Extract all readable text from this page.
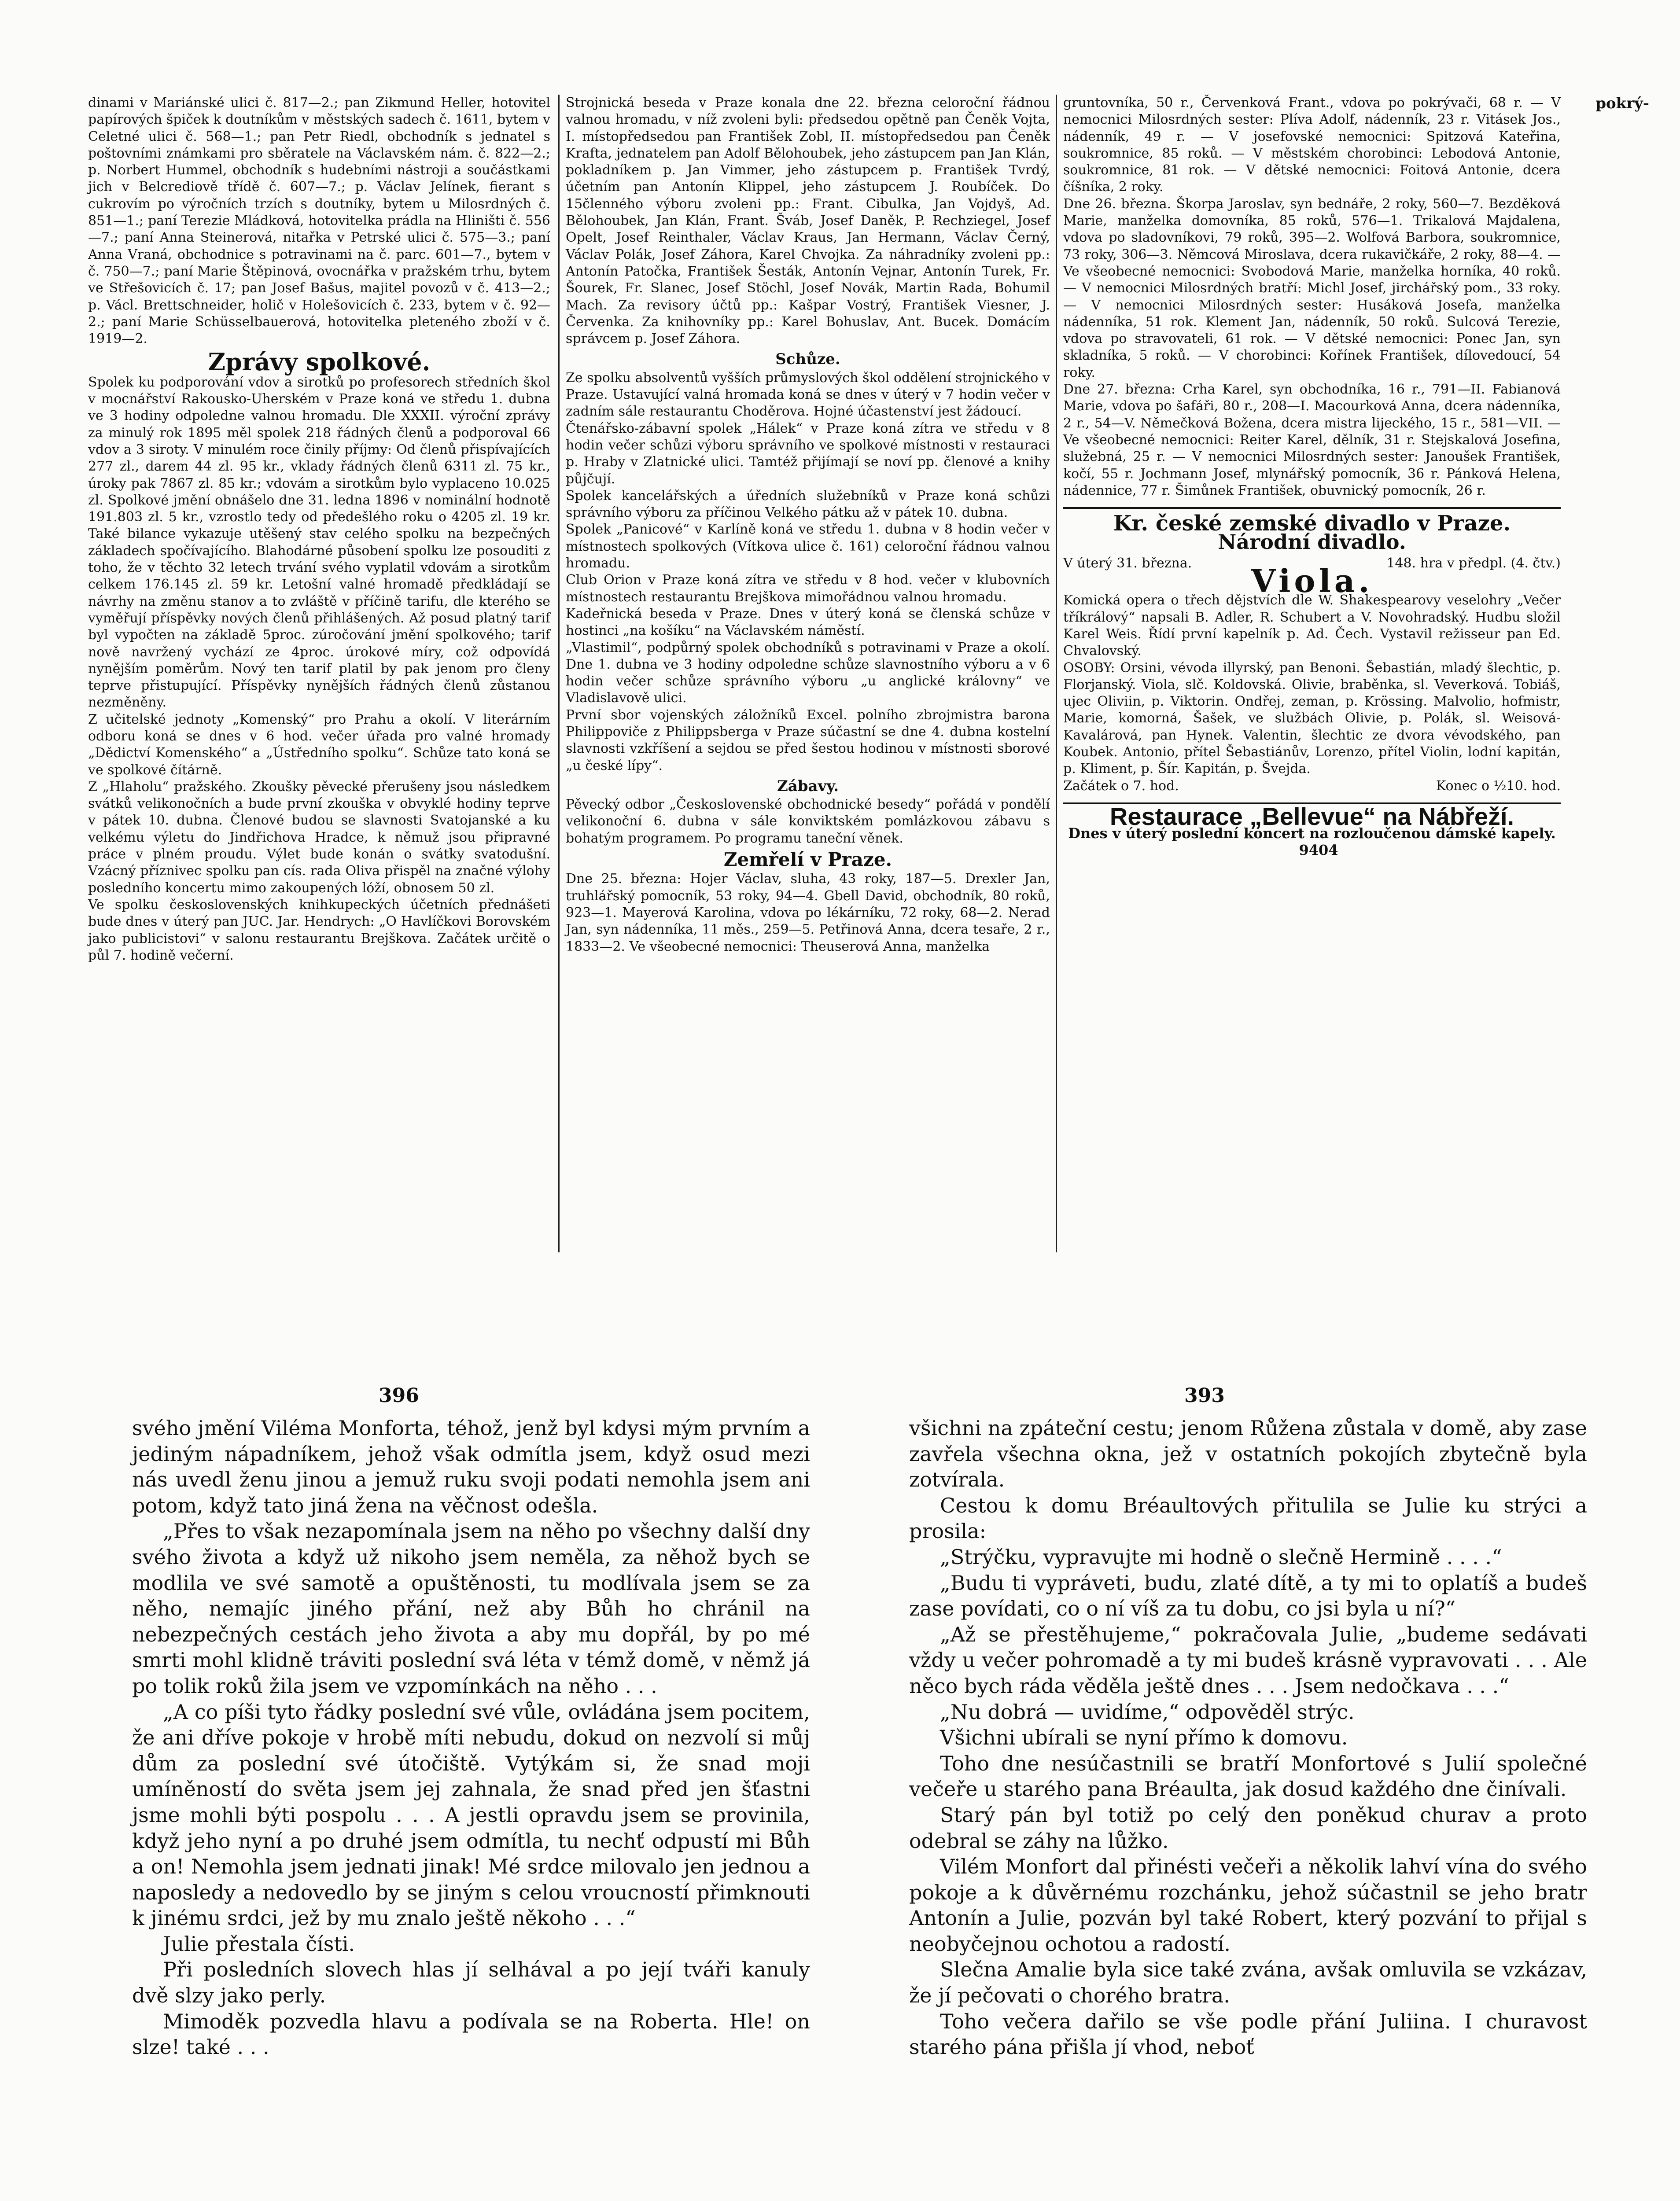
pokrý-

dinami v Mariánské ulici č. 817—2.; pan Zikmund Heller, hotovitel papírových špiček k doutníkům v městských sadech č. 1611, bytem v Celetné ulici č. 568—1.; pan Petr Riedl, obchodník s jednatel s poštovními známkami pro sběratele na Václavském nám. č. 822—2.; p. Norbert Hummel, obchodník s hudebními nástroji a součástkami jich v Belcrediově třídě č. 607—7.; p. Václav Jelínek, fierant s cukrovím po výročních trzích s doutníky, bytem u Milosrdných č. 851—1.; paní Terezie Mládková, hotovitelka prádla na Hliništi č. 556—7.; paní Anna Steinerová, nitařka v Petrské ulici č. 575—3.; paní Anna Vraná, obchodnice s potravinami na č. parc. 601—7., bytem v č. 750—7.; paní Marie Štěpinová, ovocnářka v pražském trhu, bytem ve Střešovicích č. 17; pan Josef Bašus, majitel povozů v č. 413—2.; p. Václ. Brettschneider, holič v Holešovicích č. 233, bytem v č. 92—2.; paní Marie Schüsselbauerová, hotovitelka pleteného zboží v č. 1919—2.

Zprávy spolkové.

Spolek ku podporování vdov a sirotků po profesorech středních škol v mocnářství Rakousko-Uherském v Praze koná ve středu 1. dubna ve 3 hodiny odpoledne valnou hromadu. Dle XXXII. výroční zprávy za minulý rok 1895 měl spolek 218 řádných členů a podporoval 66 vdov a 3 siroty. V minulém roce činily příjmy: Od členů přispívajících 277 zl., darem 44 zl. 95 kr., vklady řádných členů 6311 zl. 75 kr., úroky pak 7867 zl. 85 kr.; vdovám a sirotkům bylo vyplaceno 10.025 zl. Spolkové jmění obnášelo dne 31. ledna 1896 v nominální hodnotě 191.803 zl. 5 kr., vzrostlo tedy od předešlého roku o 4205 zl. 19 kr. Také bilance vykazuje utěšený stav celého spolku na bezpečných základech spočívajícího. Blahodárné působení spolku lze posouditi z toho, že v těchto 32 letech trvání svého vyplatil vdovám a sirotkům celkem 176.145 zl. 59 kr. Letošní valné hromadě předkládají se návrhy na změnu stanov a to zvláště v příčině tarifu, dle kterého se vyměřují příspěvky nových členů přihlášených. Až posud platný tarif byl vypočten na základě 5proc. zúročování jmění spolkového; tarif nově navržený vychází ze 4proc. úrokové míry, což odpovídá nynějším poměrům. Nový ten tarif platil by pak jenom pro členy teprve přistupující. Příspěvky nynějších řádných členů zůstanou nezměněny.

Z učitelské jednoty „Komenský“ pro Prahu a okolí. V literárním odboru koná se dnes v 6 hod. večer úřada pro valné hromady „Dědictví Komenského“ a „Ústředního spolku“. Schůze tato koná se ve spolkové čítárně.

Z „Hlaholu“ pražského. Zkoušky pěvecké přerušeny jsou následkem svátků velikonočních a bude první zkouška v obvyklé hodiny teprve v pátek 10. dubna. Členové budou se slavnosti Svatojanské a ku velkému výletu do Jindřichova Hradce, k němuž jsou připravné práce v plném proudu. Výlet bude konán o svátky svatodušní. Vzácný příznivec spolku pan cís. rada Oliva přispěl na značné výlohy posledního koncertu mimo zakoupených lóží, obnosem 50 zl.

Ve spolku československých knihkupeckých účetních přednášeti bude dnes v úterý pan JUC. Jar. Hendrych: „O Havlíčkovi Borovském jako publicistovi“ v salonu restaurantu Brejškova. Začátek určitě o půl 7. hodině večerní.

Strojnická beseda v Praze konala dne 22. března celoroční řádnou valnou hromadu, v níž zvoleni byli: předsedou opětně pan Čeněk Vojta, I. místopředsedou pan František Zobl, II. místopředsedou pan Čeněk Krafta, jednatelem pan Adolf Bělohoubek, jeho zástupcem pan Jan Klán, pokladníkem p. Jan Vimmer, jeho zástupcem p. František Tvrdý, účetním pan Antonín Klippel, jeho zástupcem J. Roubíček. Do 15členného výboru zvoleni pp.: Frant. Cibulka, Jan Vojdyš, Ad. Bělohoubek, Jan Klán, Frant. Šváb, Josef Daněk, P. Rechziegel, Josef Opelt, Josef Reinthaler, Václav Kraus, Jan Hermann, Václav Černý, Václav Polák, Josef Záhora, Karel Chvojka. Za náhradníky zvoleni pp.: Antonín Patočka, František Šesták, Antonín Vejnar, Antonín Turek, Fr. Šourek, Fr. Slanec, Josef Stöchl, Josef Novák, Martin Rada, Bohumil Mach. Za revisory účtů pp.: Kašpar Vostrý, František Viesner, J. Červenka. Za knihovníky pp.: Karel Bohuslav, Ant. Bucek. Domácím správcem p. Josef Záhora.

Schůze.

Ze spolku absolventů vyšších průmyslových škol oddělení strojnického v Praze. Ustavující valná hromada koná se dnes v úterý v 7 hodin večer v zadním sále restaurantu Choděrova. Hojné účastenství jest žádoucí.

Čtenářsko-zábavní spolek „Hálek“ v Praze koná zítra ve středu v 8 hodin večer schůzi výboru správního ve spolkové místnosti v restauraci p. Hraby v Zlatnické ulici. Tamtéž přijímají se noví pp. členové a knihy půjčují.

Spolek kancelářských a úředních služebníků v Praze koná schůzi správního výboru za příčinou Velkého pátku až v pátek 10. dubna.

Spolek „Panicové“ v Karlíně koná ve středu 1. dubna v 8 hodin večer v místnostech spolkových (Vítkova ulice č. 161) celoroční řádnou valnou hromadu.

Club Orion v Praze koná zítra ve středu v 8 hod. večer v klubovních místnostech restaurantu Brejškova mimořádnou valnou hromadu.

Kadeřnická beseda v Praze. Dnes v úterý koná se členská schůze v hostinci „na košíku“ na Václavském náměstí.

„Vlastimil“, podpůrný spolek obchodníků s potravinami v Praze a okolí. Dne 1. dubna ve 3 hodiny odpoledne schůze slavnostního výboru a v 6 hodin večer schůze správního výboru „u anglické královny“ ve Vladislavově ulici.

První sbor vojenských záložníků Excel. polního zbrojmistra barona Philippoviče z Philippsberga v Praze súčastní se dne 4. dubna kostelní slavnosti vzkříšení a sejdou se před šestou hodinou v místnosti sborové „u české lípy“.

Zábavy.

Pěvecký odbor „Československé obchodnické besedy“ pořádá v pondělí velikonoční 6. dubna v sále konviktském pomlázkovou zábavu s bohatým programem. Po programu taneční věnek.

Zemřelí v Praze.

Dne 25. března: Hojer Václav, sluha, 43 roky, 187—5. Drexler Jan, truhlářský pomocník, 53 roky, 94—4. Gbell David, obchodník, 80 roků, 923—1. Mayerová Karolina, vdova po lékárníku, 72 roky, 68—2. Nerad Jan, syn nádenníka, 11 měs., 259—5. Petřinová Anna, dcera tesaře, 2 r., 1833—2. Ve všeobecné nemocnici: Theuserová Anna, manželka

gruntovníka, 50 r., Červenková Frant., vdova po pokrývači, 68 r. — V nemocnici Milosrdných sester: Plíva Adolf, nádenník, 23 r. Vitásek Jos., nádenník, 49 r. — V josefovské nemocnici: Spitzová Kateřina, soukromnice, 85 roků. — V městském chorobinci: Lebodová Antonie, soukromnice, 81 rok. — V dětské nemocnici: Foitová Antonie, dcera číšníka, 2 roky.

Dne 26. března. Škorpa Jaroslav, syn bednáře, 2 roky, 560—7. Bezděková Marie, manželka domovníka, 85 roků, 576—1. Trikalová Majdalena, vdova po sladovníkovi, 79 roků, 395—2. Wolfová Barbora, soukromnice, 73 roky, 306—3. Němcová Miroslava, dcera rukavičkáře, 2 roky, 88—4. — Ve všeobecné nemocnici: Svobodová Marie, manželka horníka, 40 roků. — V nemocnici Milosrdných bratří: Michl Josef, jirchářský pom., 33 roky. — V nemocnici Milosrdných sester: Husáková Josefa, manželka nádenníka, 51 rok. Klement Jan, nádenník, 50 roků. Sulcová Terezie, vdova po stravovateli, 61 rok. — V dětské nemocnici: Ponec Jan, syn skladníka, 5 roků. — V chorobinci: Kořínek František, dílovedoucí, 54 roky.

Dne 27. března: Crha Karel, syn obchodníka, 16 r., 791—II. Fabianová Marie, vdova po šafáři, 80 r., 208—I. Macourková Anna, dcera nádenníka, 2 r., 54—V. Němečková Božena, dcera mistra lijeckého, 15 r., 581—VII. — Ve všeobecné nemocnici: Reiter Karel, dělník, 31 r. Stejskalová Josefina, služebná, 25 r. — V nemocnici Milosrdných sester: Janoušek František, kočí, 55 r. Jochmann Josef, mlynářský pomocník, 36 r. Pánková Helena, nádennice, 77 r. Šimůnek František, obuvnický pomocník, 26 r.

Kr. české zemské divadlo v Praze.
Národní divadlo.
V úterý 31. března.	148. hra v předpl. (4. čtv.)
Viola.

Komická opera o třech dějstvích dle W. Shakespearovy veselohry „Večer tříkrálový“ napsali B. Adler, R. Schubert a V. Novohradský. Hudbu složil Karel Weis. Řídí první kapelník p. Ad. Čech. Vystavil režisseur pan Ed. Chvalovský.

OSOBY: Orsini, vévoda illyrský, pan Benoni. Šebastián, mladý šlechtic, p. Florjanský. Viola, slč. Koldovská. Olivie, braběnka, sl. Veverková. Tobiáš, ujec Oliviin, p. Viktorin. Ondřej, zeman, p. Krössing. Malvolio, hofmistr, Marie, komorná, Šašek, ve službách Olivie, p. Polák, sl. Weisová-Kavalárová, pan Hynek. Valentin, šlechtic ze dvora vévodského, pan Koubek. Antonio, přítel Šebastiánův, Lorenzo, přítel Violin, lodní kapitán, p. Kliment, p. Šír. Kapitán, p. Švejda.

Začátek o 7. hod.	Konec o ½10. hod.
Restaurace „Bellevue“ na Nábřeží.
Dnes v úterý poslední koncert na rozloučenou dámské kapely. 9404
396	393

svého jmění Viléma Monforta, téhož, jenž byl kdysi mým prvním a jediným nápadníkem, jehož však odmítla jsem, když osud mezi nás uvedl ženu jinou a jemuž ruku svoji podati nemohla jsem ani potom, když tato jiná žena na věčnost odešla.

„Přes to však nezapomínala jsem na něho po všechny další dny svého života a když už nikoho jsem neměla, za něhož bych se modlila ve své samotě a opuštěnosti, tu modlívala jsem se za něho, nemajíc jiného přání, než aby Bůh ho chránil na nebezpečných cestách jeho života a aby mu dopřál, by po mé smrti mohl klidně tráviti poslední svá léta v témž domě, v němž já po tolik roků žila jsem ve vzpomínkách na něho . . .

„A co píši tyto řádky poslední své vůle, ovládána jsem pocitem, že ani dříve pokoje v hrobě míti nebudu, dokud on nezvolí si můj dům za poslední své útočiště. Vytýkám si, že snad moji umíněností do světa jsem jej zahnala, že snad před jen šťastni jsme mohli býti pospolu . . . A jestli opravdu jsem se provinila, když jeho nyní a po druhé jsem odmítla, tu nechť odpustí mi Bůh a on! Nemohla jsem jednati jinak! Mé srdce milovalo jen jednou a naposledy a nedovedlo by se jiným s celou vroucností přimknouti k jinému srdci, jež by mu znalo ještě někoho . . .“

Julie přestala čísti.

Při posledních slovech hlas jí selhával a po její tváři kanuly dvě slzy jako perly.

Mimoděk pozvedla hlavu a podívala se na Roberta. Hle! on slze! také . . .

všichni na zpáteční cestu; jenom Růžena zůstala v domě, aby zase zavřela všechna okna, jež v ostatních pokojích zbytečně byla zotvírala.

Cestou k domu Bréaultových přitulila se Julie ku strýci a prosila:

„Strýčku, vypravujte mi hodně o slečně Hermině . . . .“

„Budu ti vypráveti, budu, zlaté dítě, a ty mi to oplatíš a budeš zase povídati, co o ní víš za tu dobu, co jsi byla u ní?“

„Až se přestěhujeme,“ pokračovala Julie, „budeme sedávati vždy u večer pohromadě a ty mi budeš krásně vypravovati . . . Ale něco bych ráda věděla ještě dnes . . . Jsem nedočkava . . .“

„Nu dobrá — uvidíme,“ odpověděl strýc.

Všichni ubírali se nyní přímo k domovu.

Toho dne nesúčastnili se bratří Monfortové s Julií společné večeře u starého pana Bréaulta, jak dosud každého dne činívali.

Starý pán byl totiž po celý den poněkud churav a proto odebral se záhy na lůžko.

Vilém Monfort dal přinésti večeři a několik lahví vína do svého pokoje a k důvěrnému rozchánku, jehož súčastnil se jeho bratr Antonín a Julie, pozván byl také Robert, který pozvání to přijal s neobyčejnou ochotou a radostí.

Slečna Amalie byla sice také zvána, avšak omluvila se vzkázav, že jí pečovati o chorého bratra.

Toho večera dařilo se vše podle přání Juliina. I churavost starého pána přišla jí vhod, neboť
